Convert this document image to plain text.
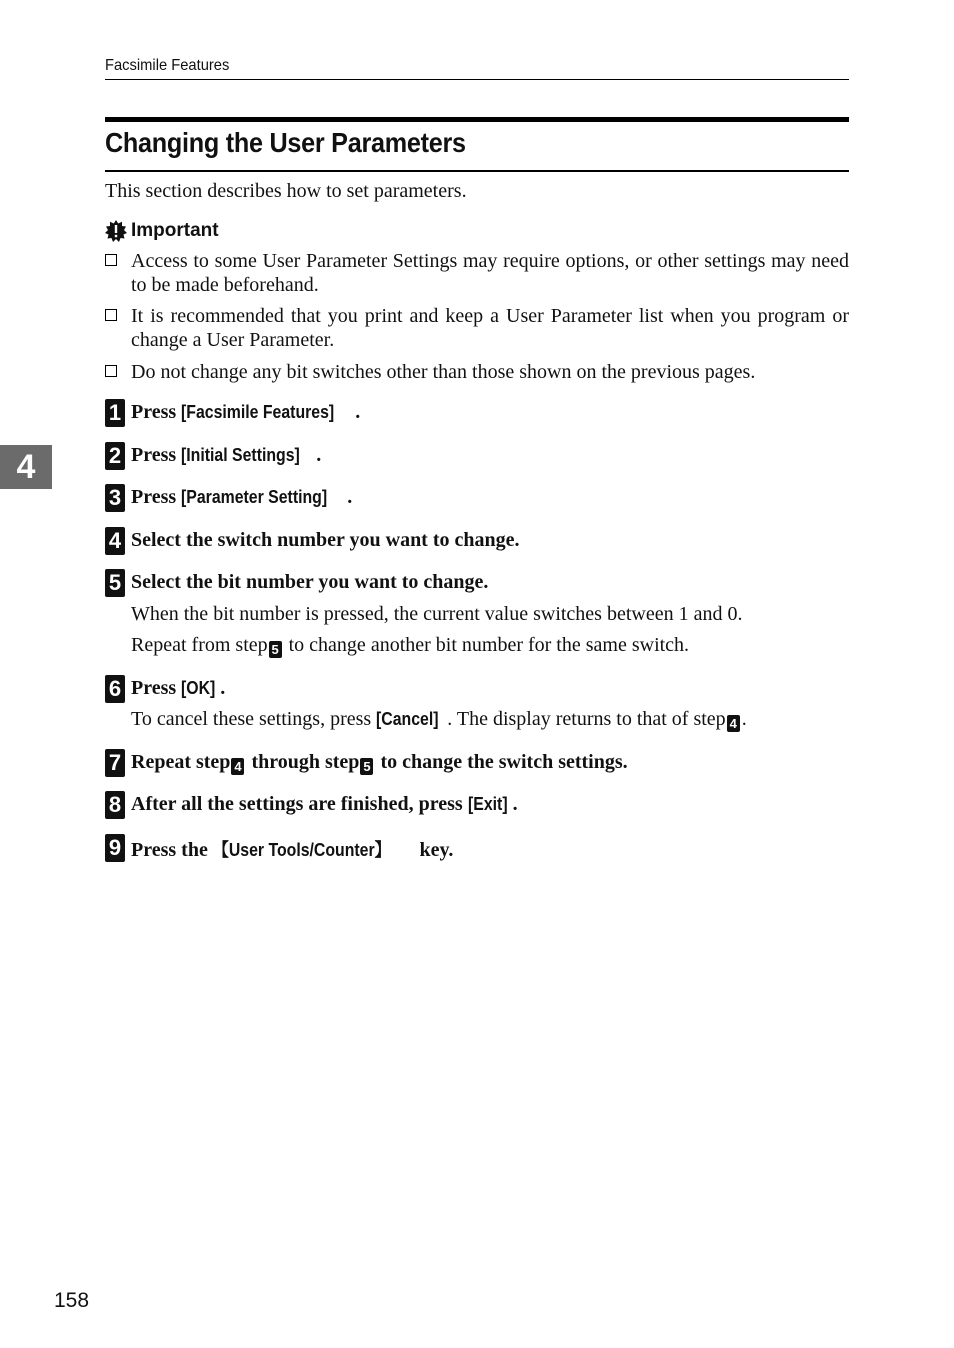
Facsimile Features
Changing the User Parameters
This section describes how to set parameters.
Important
Access to some User Parameter Settings may require options, or other settings may need to be made beforehand.
It is recommended that you print and keep a User Parameter list when you program or change a User Parameter.
Do not change any bit switches other than those shown on the previous pages.
1 Press [Facsimile Features] .
2 Press [Initial Settings] .
3 Press [Parameter Setting] .
4 Select the switch number you want to change.
5 Select the bit number you want to change.
When the bit number is pressed, the current value switches between 1 and 0.
Repeat from step 5 to change another bit number for the same switch.
6 Press [OK] .
To cancel these settings, press [Cancel] . The display returns to that of step 4 .
7 Repeat step 4 through step 5 to change the switch settings.
8 After all the settings are finished, press [Exit] .
9 Press the 【User Tools/Counter】 key.
4
158
